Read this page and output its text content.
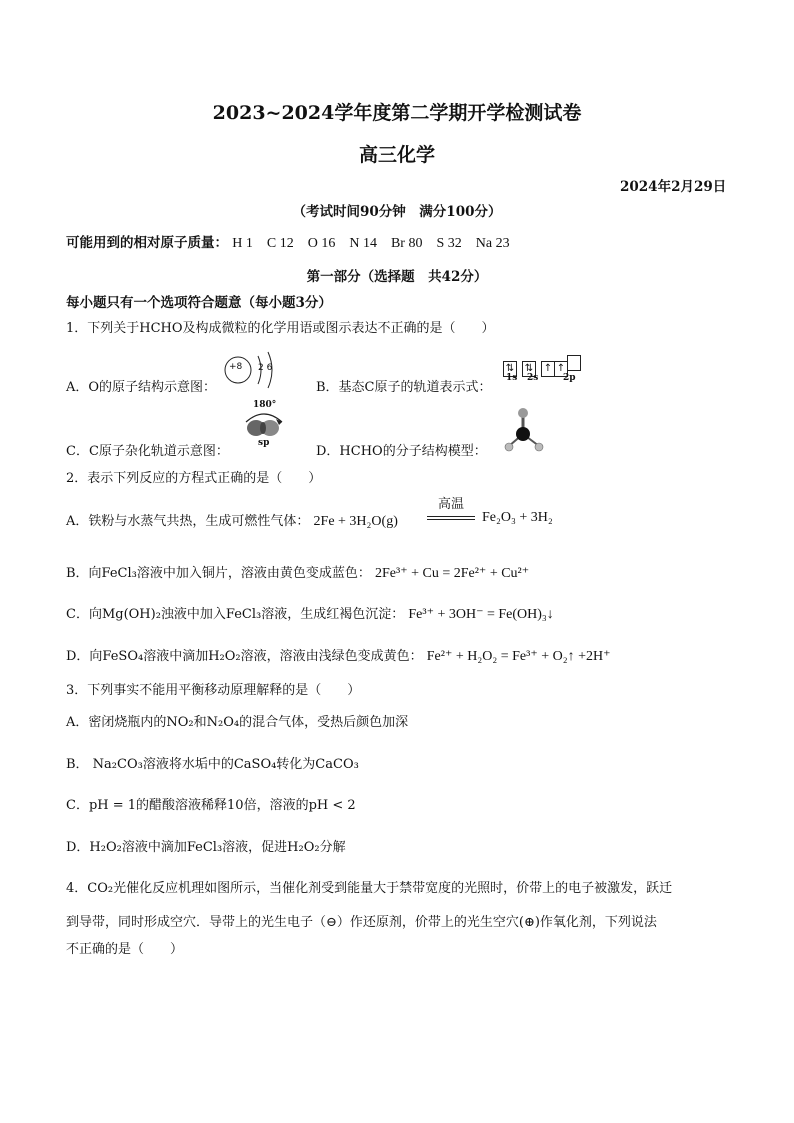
2023~2024学年度第二学期开学检测试卷
高三化学
2024年2月29日
（考试时间90分钟　满分100分）
可能用到的相对原子质量： H 1　C 12　O 16　N 14　Br 80　S 32　Na 23
第一部分（选择题　共42分）
每小题只有一个选项符合题意（每小题3分）
1．下列关于HCHO及构成微粒的化学用语或图示表达不正确的是（　　）
A．O的原子结构示意图：
+8 2 6
B．基态C原子的轨道表示式：
⇅ ⇅ ↑ ↑
1s 2s	2p
C．C原子杂化轨道示意图：
180°
sp
D．HCHO的分子结构模型：
2．表示下列反应的方程式正确的是（　　）
A．铁粉与水蒸气共热，生成可燃性气体： 2Fe + 3H₂O(g)
高温
Fe₂O₃ + 3H₂
B．向FeCl₃溶液中加入铜片，溶液由黄色变成蓝色： 2Fe³⁺ + Cu = 2Fe²⁺ + Cu²⁺
C．向Mg(OH)₂浊液中加入FeCl₃溶液，生成红褐色沉淀： Fe³⁺ + 3OH⁻ = Fe(OH)₃↓
D．向FeSO₄溶液中滴加H₂O₂溶液，溶液由浅绿色变成黄色： Fe²⁺ + H₂O₂ = Fe³⁺ + O₂↑ +2H⁺
3．下列事实不能用平衡移动原理解释的是（　　）
A．密闭烧瓶内的NO₂和N₂O₄的混合气体，受热后颜色加深
B． Na₂CO₃溶液将水垢中的CaSO₄转化为CaCO₃
C．pH = 1的醋酸溶液稀释10倍，溶液的pH < 2
D．H₂O₂溶液中滴加FeCl₃溶液，促进H₂O₂分解
4．CO₂光催化反应机理如图所示，当催化剂受到能量大于禁带宽度的光照时，价带上的电子被激发，跃迁
到导带，同时形成空穴．导带上的光生电子（⊖）作还原剂，价带上的光生空穴(⊕)作氧化剂，下列说法
不正确的是（　　）
